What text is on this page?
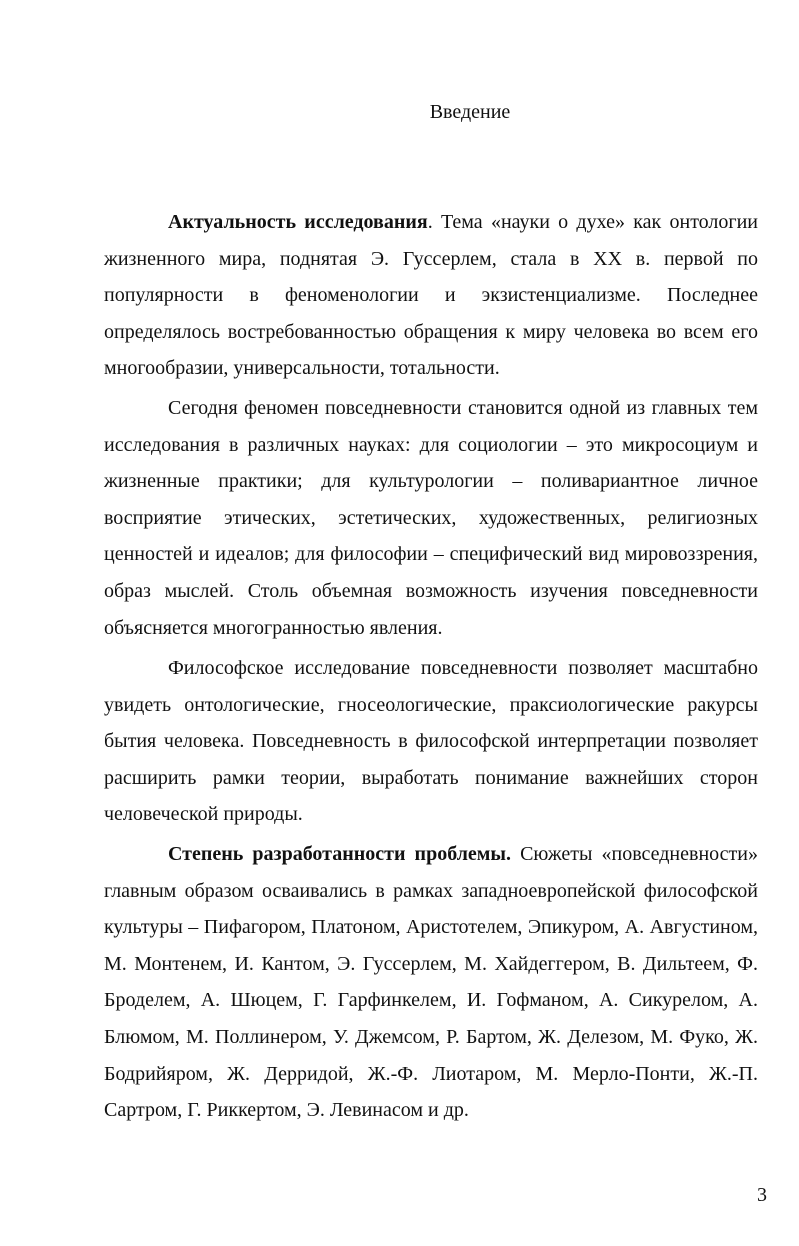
Введение

Актуальность исследования. Тема «науки о духе» как онтологии жизненного мира, поднятая Э. Гуссерлем, стала в XX в. первой по популярности в феноменологии и экзистенциализме. Последнее определялось востребованностью обращения к миру человека во всем его многообразии, универсальности, тотальности.

Сегодня феномен повседневности становится одной из главных тем исследования в различных науках: для социологии – это микросоциум и жизненные практики; для культурологии – поливариантное личное восприятие этических, эстетических, художественных, религиозных ценностей и идеалов; для философии – специфический вид мировоззрения, образ мыслей. Столь объемная возможность изучения повседневности объясняется многогранностью явления.

Философское исследование повседневности позволяет масштабно увидеть онтологические, гносеологические, праксиологические ракурсы бытия человека. Повседневность в философской интерпретации позволяет расширить рамки теории, выработать понимание важнейших сторон человеческой природы.

Степень разработанности проблемы. Сюжеты «повседневности» главным образом осваивались в рамках западноевропейской философской культуры – Пифагором, Платоном, Аристотелем, Эпикуром, А. Августином, М. Монтенем, И. Кантом, Э. Гуссерлем, М. Хайдеггером, В. Дильтеем, Ф. Броделем, А. Шюцем, Г. Гарфинкелем, И. Гофманом, А. Сикурелом, А. Блюмом, М. Поллинером, У. Джемсом, Р. Бартом, Ж. Делезом, М. Фуко, Ж. Бодрийяром, Ж. Дерридой, Ж.-Ф. Лиотаром, М. Мерло-Понти, Ж.-П. Сартром, Г. Риккертом, Э. Левинасом и др.

3
